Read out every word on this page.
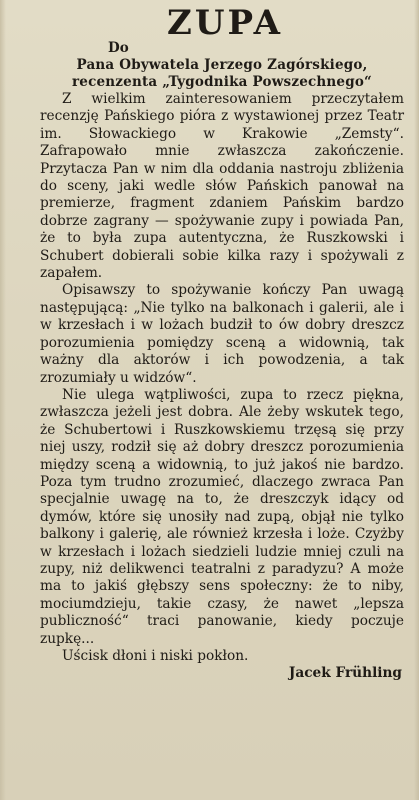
ZUPA
Do
Pana Obywatela Jerzego Zagórskiego,
recenzenta „Tygodnika Powszechnego“

Z wielkim zainteresowaniem przeczytałem recenzję Pańskiego pióra z wystawionej przez Teatr im. Słowackiego w Krakowie „Zemsty“. Zafrapowało mnie zwłaszcza zakończenie. Przytacza Pan w nim dla oddania nastroju zbliżenia do sceny, jaki wedle słów Pańskich panował na premierze, fragment zdaniem Pańskim bardzo dobrze zagrany — spożywanie zupy i powiada Pan, że to była zupa autentyczna, że Ruszkowski i Schubert dobierali sobie kilka razy i spożywali z zapałem.

Opisawszy to spożywanie kończy Pan uwagą następującą: „Nie tylko na balkonach i galerii, ale i w krzesłach i w lożach budził to ów dobry dreszcz porozumienia pomiędzy sceną a widownią, tak ważny dla aktorów i ich powodzenia, a tak zrozumiały u widzów“.

Nie ulega wątpliwości, zupa to rzecz piękna, zwłaszcza jeżeli jest dobra. Ale żeby wskutek tego, że Schubertowi i Ruszkowskiemu trzęsą się przy niej uszy, rodził się aż dobry dreszcz porozumienia między sceną a widownią, to już jakoś nie bardzo. Poza tym trudno zrozumieć, dlaczego zwraca Pan specjalnie uwagę na to, że dreszczyk idący od dymów, które się unosiły nad zupą, objął nie tylko balkony i galerię, ale również krzesła i loże. Czyżby w krzesłach i lożach siedzieli ludzie mniej czuli na zupy, niż delikwenci teatralni z paradyzu? A może ma to jakiś głębszy sens społeczny: że to niby, mociumdzieju, takie czasy, że nawet „lepsza publiczność“ traci panowanie, kiedy poczuje zupkę...

Uścisk dłoni i niski pokłon.

Jacek Frühling
